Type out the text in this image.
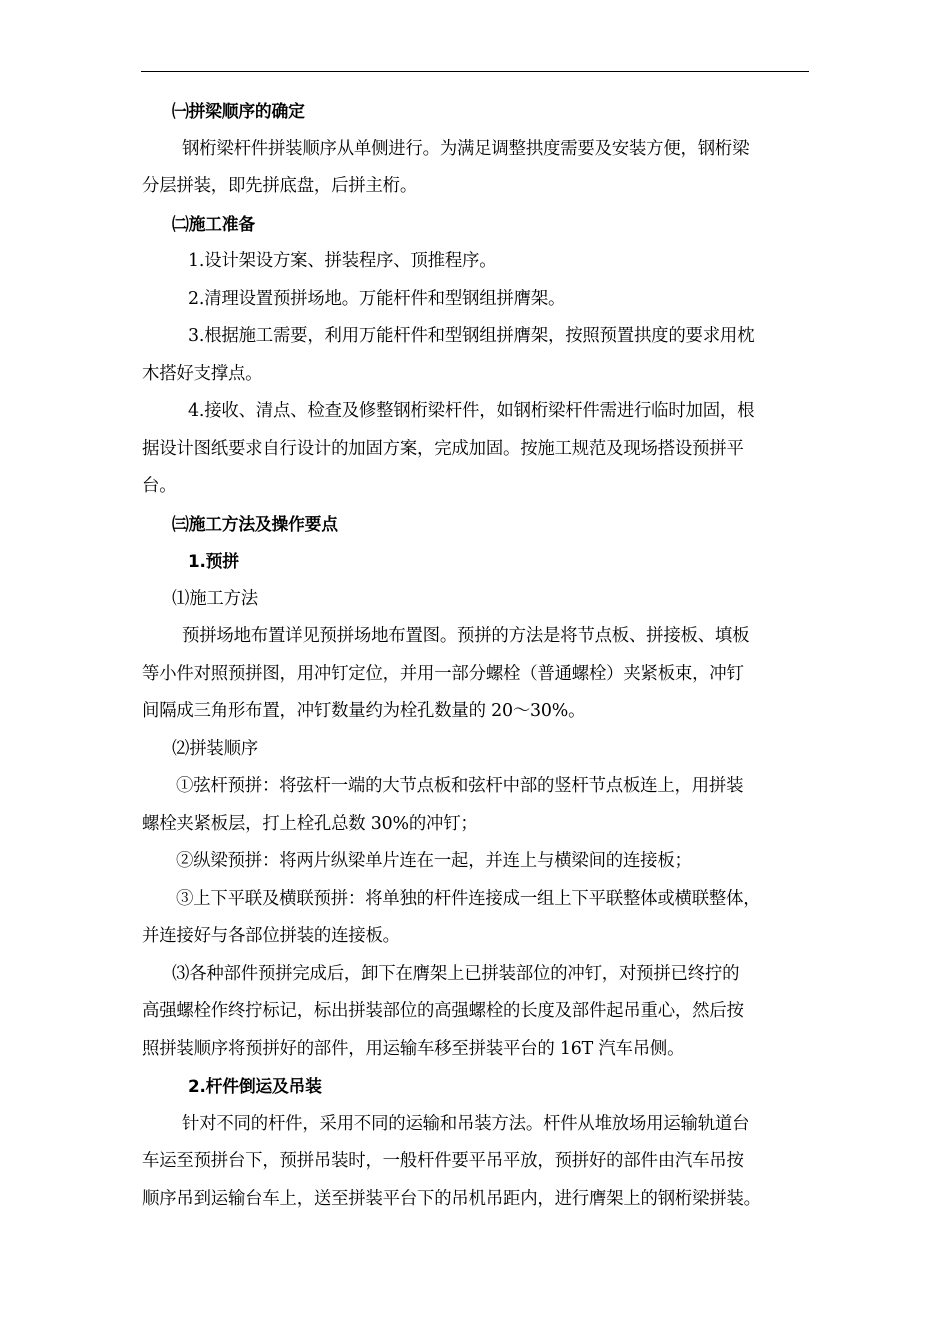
㈠拼梁顺序的确定
钢桁梁杆件拼装顺序从单侧进行。为满足调整拱度需要及安装方便，钢桁梁
分层拼装，即先拼底盘，后拼主桁。
㈡施工准备
1.设计架设方案、拼装程序、顶推程序。
2.清理设置预拼场地。万能杆件和型钢组拼膺架。
3.根据施工需要，利用万能杆件和型钢组拼膺架，按照预置拱度的要求用枕
木搭好支撑点。
4.接收、清点、检查及修整钢桁梁杆件，如钢桁梁杆件需进行临时加固，根
据设计图纸要求自行设计的加固方案，完成加固。按施工规范及现场搭设预拼平
台。
㈢施工方法及操作要点
1.预拼
⑴施工方法
预拼场地布置详见预拼场地布置图。预拼的方法是将节点板、拼接板、填板
等小件对照预拼图，用冲钉定位，并用一部分螺栓（普通螺栓）夹紧板束，冲钉
间隔成三角形布置，冲钉数量约为栓孔数量的 20～30%。
⑵拼装顺序
①弦杆预拼：将弦杆一端的大节点板和弦杆中部的竖杆节点板连上，用拼装
螺栓夹紧板层，打上栓孔总数 30%的冲钉；
②纵梁预拼：将两片纵梁单片连在一起，并连上与横梁间的连接板；
③上下平联及横联预拼：将单独的杆件连接成一组上下平联整体或横联整体，
并连接好与各部位拼装的连接板。
⑶各种部件预拼完成后，卸下在膺架上已拼装部位的冲钉，对预拼已终拧的
高强螺栓作终拧标记，标出拼装部位的高强螺栓的长度及部件起吊重心，然后按
照拼装顺序将预拼好的部件，用运输车移至拼装平台的 16T 汽车吊侧。
2.杆件倒运及吊装
针对不同的杆件，采用不同的运输和吊装方法。杆件从堆放场用运输轨道台
车运至预拼台下，预拼吊装时，一般杆件要平吊平放，预拼好的部件由汽车吊按
顺序吊到运输台车上，送至拼装平台下的吊机吊距内，进行膺架上的钢桁梁拼装。
